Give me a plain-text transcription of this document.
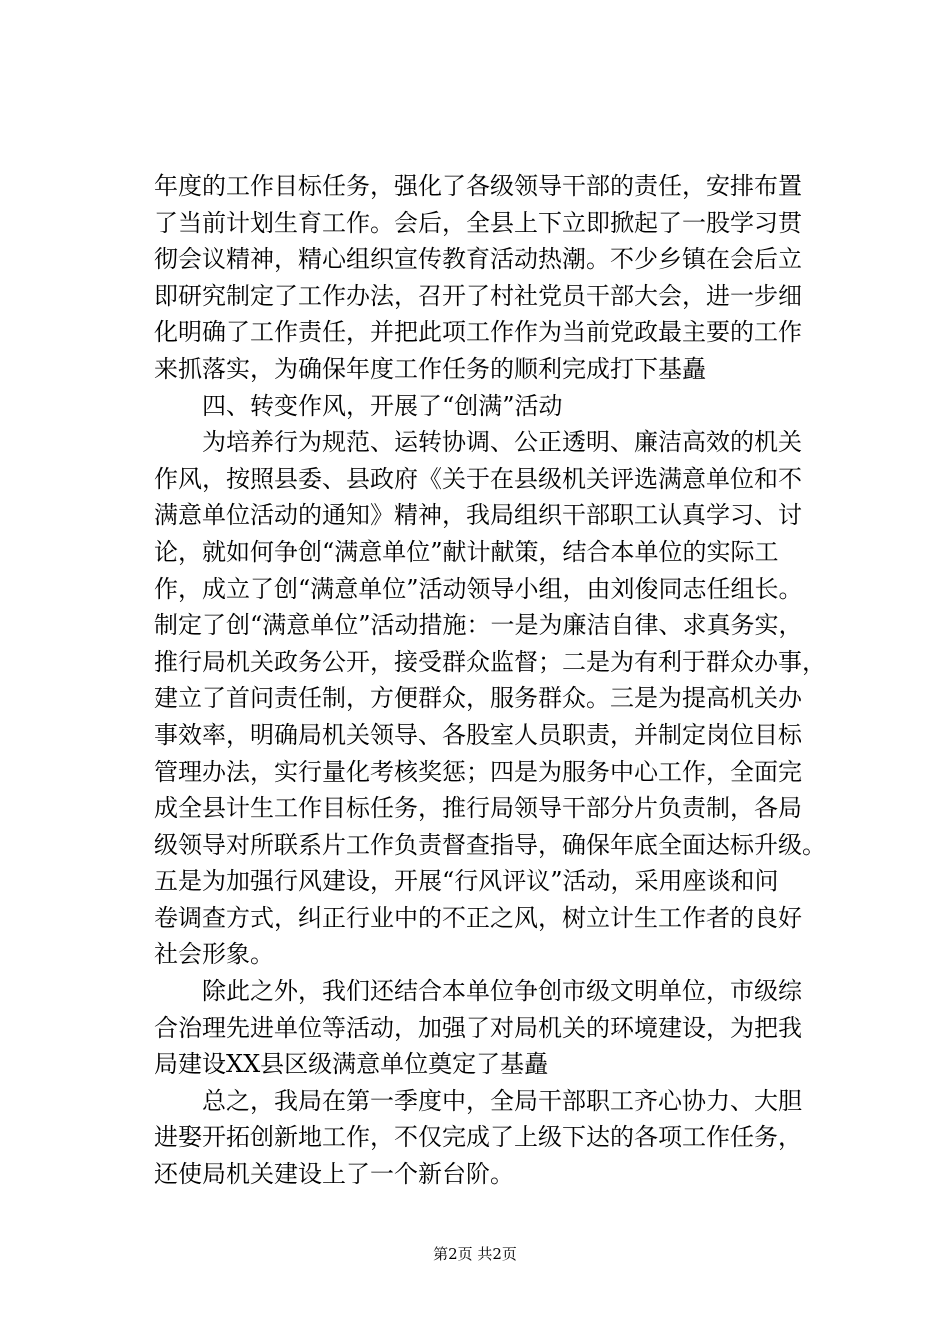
年度的工作目标任务，强化了各级领导干部的责任，安排布置
了当前计划生育工作。会后，全县上下立即掀起了一股学习贯
彻会议精神，精心组织宣传教育活动热潮。不少乡镇在会后立
即研究制定了工作办法，召开了村社党员干部大会，进一步细
化明确了工作责任，并把此项工作作为当前党政最主要的工作
来抓落实，为确保年度工作任务的顺利完成打下基矗
　　四、转变作风，开展了“创满”活动
　　为培养行为规范、运转协调、公正透明、廉洁高效的机关
作风，按照县委、县政府《关于在县级机关评选满意单位和不
满意单位活动的通知》精神，我局组织干部职工认真学习、讨
论，就如何争创“满意单位”献计献策，结合本单位的实际工
作，成立了创“满意单位”活动领导小组，由刘俊同志任组长。
制定了创“满意单位”活动措施：一是为廉洁自律、求真务实，
推行局机关政务公开，接受群众监督；二是为有利于群众办事，
建立了首问责任制，方便群众，服务群众。三是为提高机关办
事效率，明确局机关领导、各股室人员职责，并制定岗位目标
管理办法，实行量化考核奖惩；四是为服务中心工作，全面完
成全县计生工作目标任务，推行局领导干部分片负责制，各局
级领导对所联系片工作负责督查指导，确保年底全面达标升级。
五是为加强行风建设，开展“行风评议”活动，采用座谈和问
卷调查方式，纠正行业中的不正之风，树立计生工作者的良好
社会形象。
　　除此之外，我们还结合本单位争创市级文明单位，市级综
合治理先进单位等活动，加强了对局机关的环境建设，为把我
局建设XX县区级满意单位奠定了基矗
　　总之，我局在第一季度中，全局干部职工齐心协力、大胆
进娶开拓创新地工作，不仅完成了上级下达的各项工作任务，
还使局机关建设上了一个新台阶。
第2页 共2页
